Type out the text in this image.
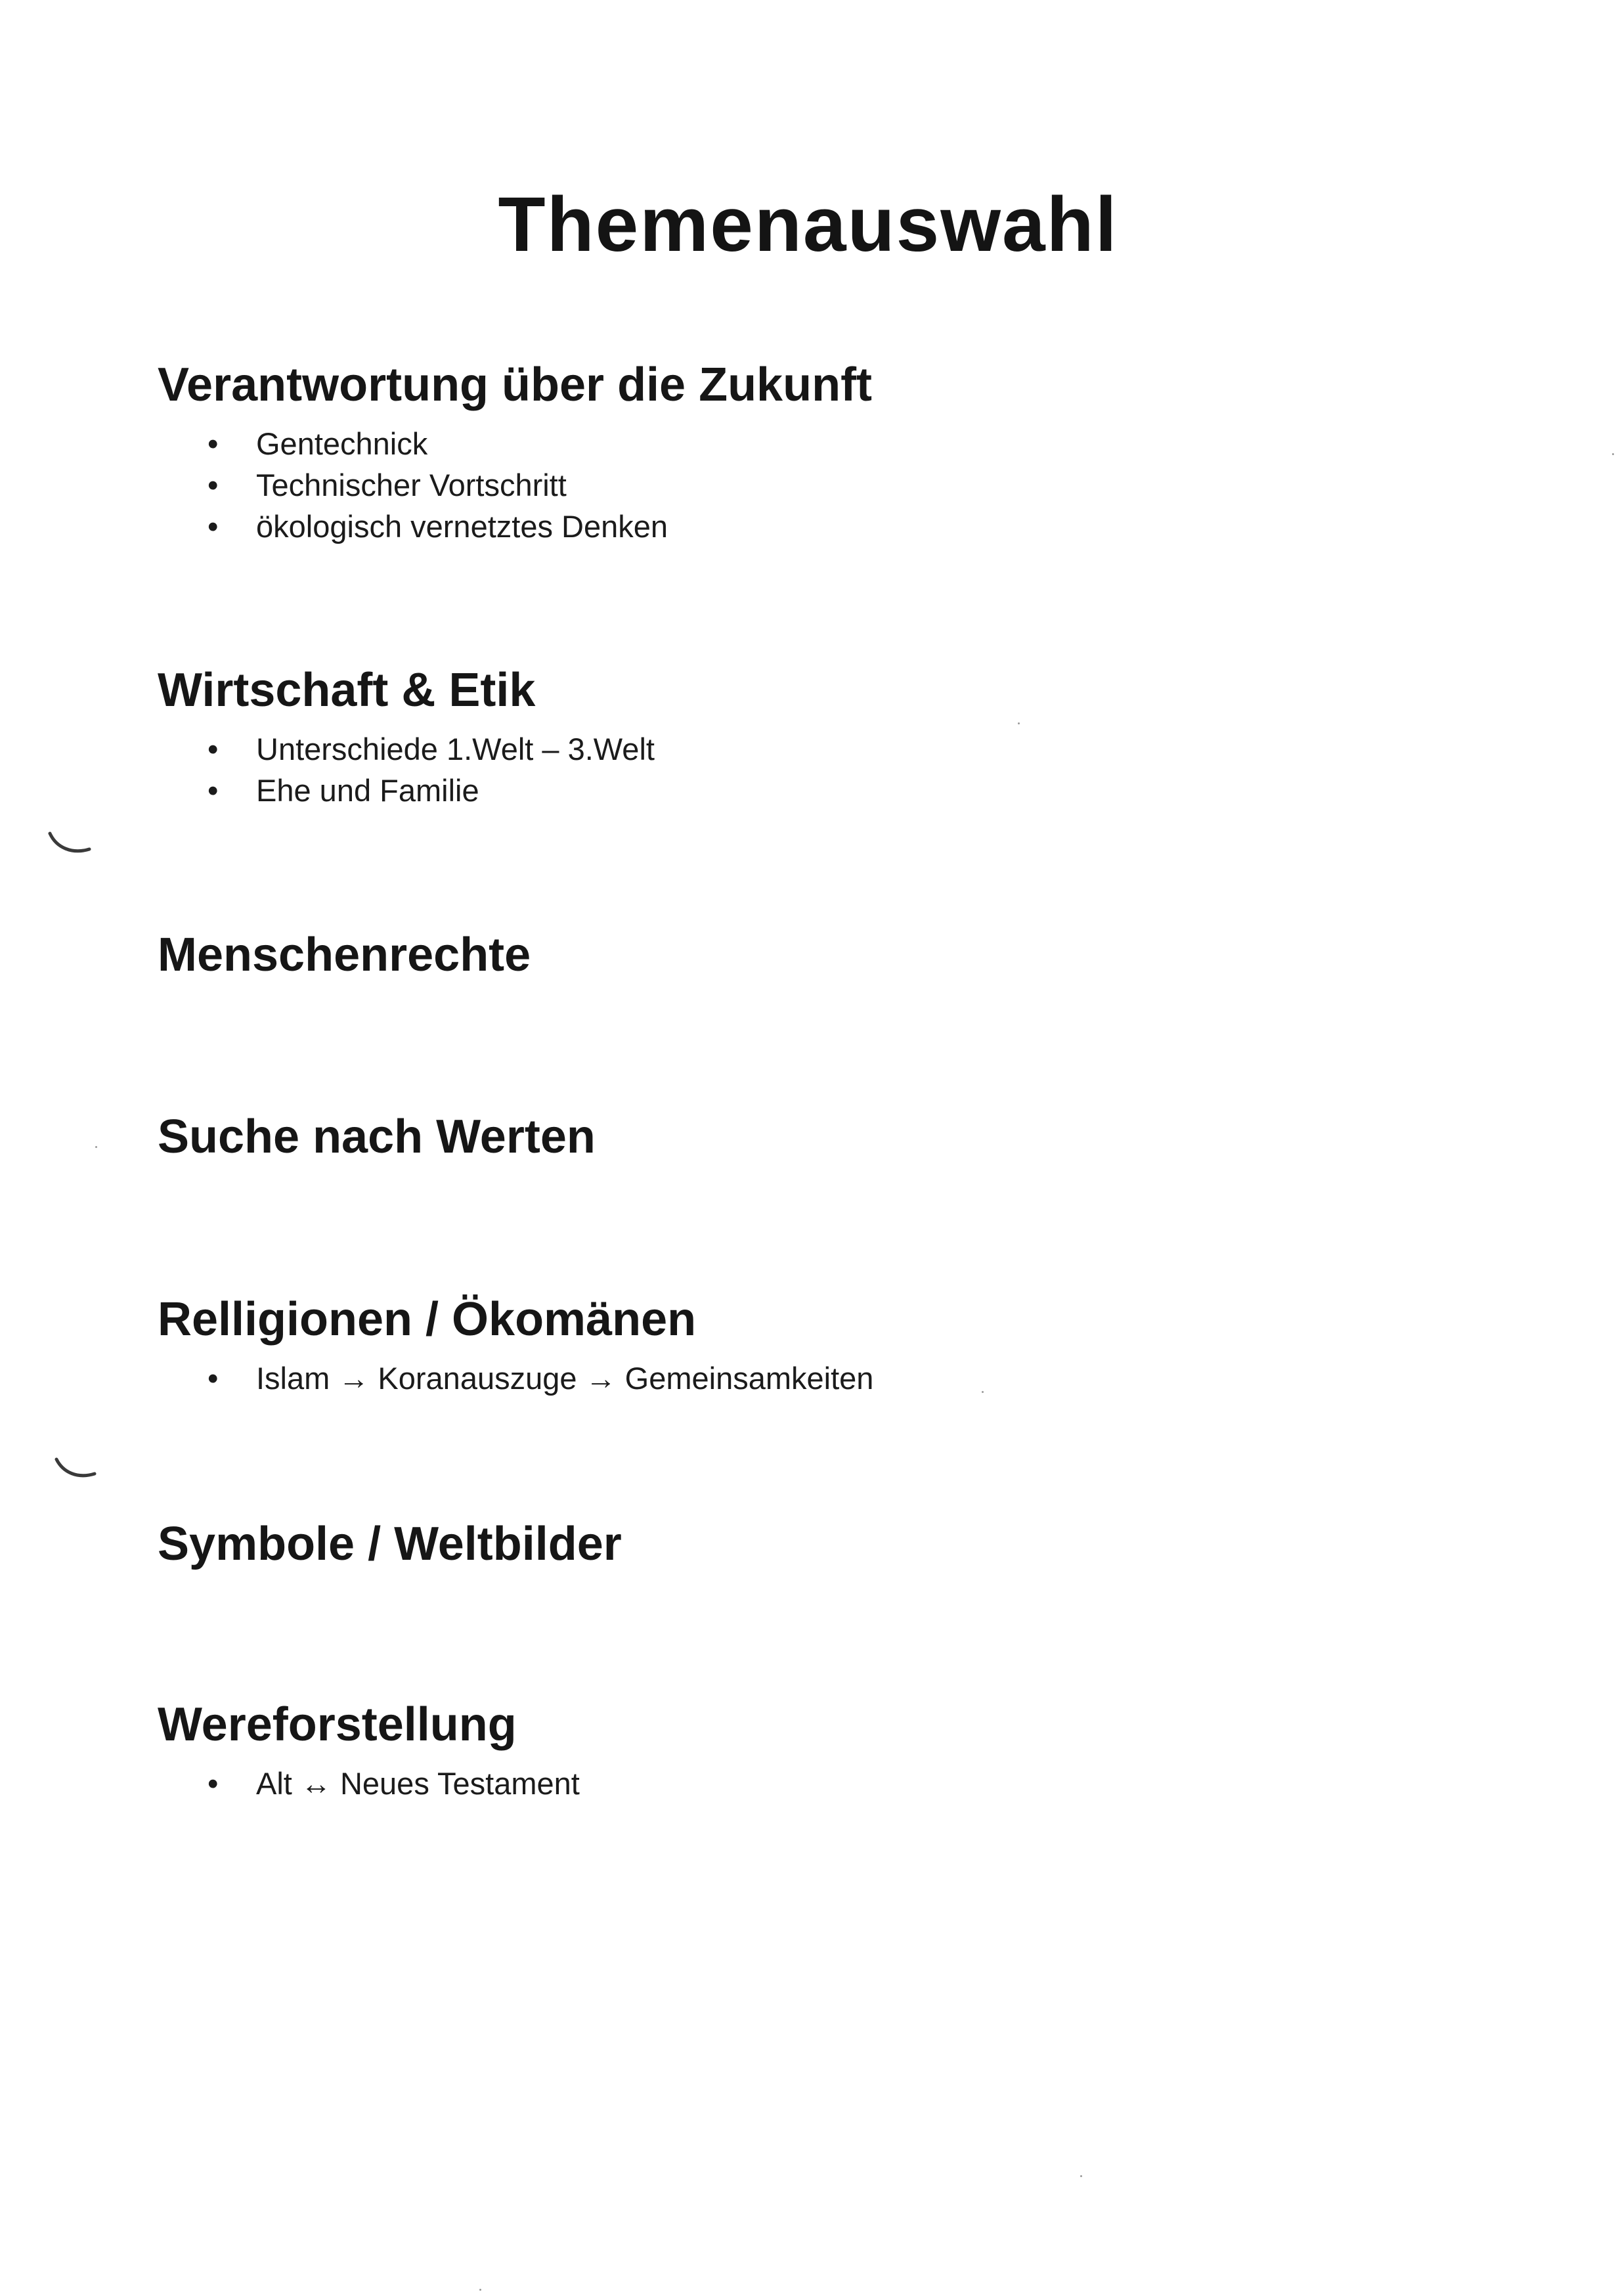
Themenauswahl
Verantwortung über die Zukunft
• Gentechnick
• Technischer Vortschritt
• ökologisch vernetztes Denken
Wirtschaft & Etik
• Unterschiede 1.Welt – 3.Welt
• Ehe und Familie
Menschenrechte
Suche nach Werten
Relligionen / Ökomänen
• Islam → Koranauszuge → Gemeinsamkeiten
Symbole / Weltbilder
Wereforstellung
• Alt ↔ Neues Testament
